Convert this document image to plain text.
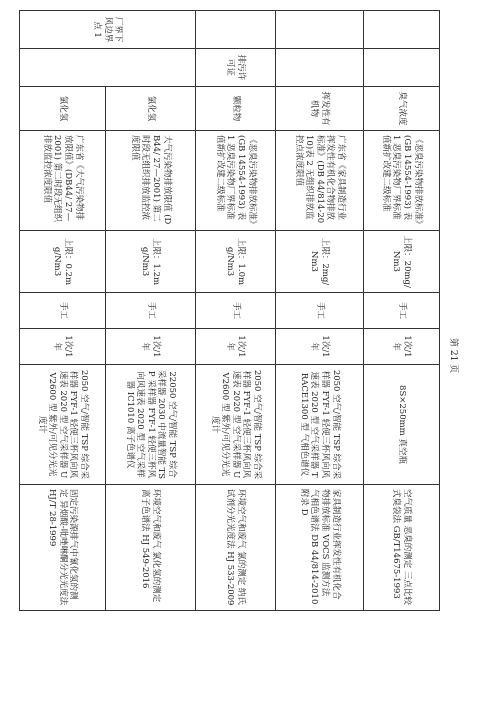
		臭气浓度	《恶臭污染物排放标准》(GB 14554-1993) 表 1 恶臭污染物厂界标准值新扩改建二级标准	上限：20mg/Nm3	手工	1次/1年	8S×250mm 真空瓶	空气质量 恶臭的测定 三点比较式臭袋法 GB/T14675-1993
		挥发性有机物	广东省《家具制造行业挥发性有机化合物排放标准》(DB 44/814-2010)表 2 无组织排放监控点浓度限值	上限：2mg/Nm3	手工	1次/1年	2050 空气/智能 TSP 综合采样器 FYF-1 轻便三杯风向风速表 2020 型 空气采样器 TRACE1300 型 气相色谱仪	家具制造行业挥发性有机化合物排放标准 VOCS 监测方法 气相色谱法 DB 44/814-2010 附录 D
	排污许可证	颗粒物	《恶臭污染物排放标准》(GB 14554-1993) 表 1 恶臭污染物厂界标准值新扩改建二级标准	上限：1.0mg/Nm3	手工	1次/1年	2050 空气/智能 TSP 综合采样器 FYF-1 轻便三杯风向风速表 2020 型 空气采样器 UV2600 型 紫外/可见分光光度计	环境空气和废气 氯的测定 纳氏试剂分光光度法 HJ 533-2009
厂界下风边界点 1		氯化氢	大气污染物排放限值 (DB44/ 27—2001) 第二时段无组织排放监控浓度限值	上限：1.2mg/Nm3	手工	1次/1年	22050 空气/智能 TSP 综合采样器 2030 中流量智能 TSP 采样器 FYF-1 轻便三杯风向风速表 2020 型 空气采样器 IC1010 离子色谱仪	环境空气和废气 氯化氢的测定 离子色谱法 HJ 549-2016
		氯化氢	广东省《大气污染物排放限值》(DB44/ 27—2001) 第二时段无组织排放监控浓度限值	上限：0.2mg/Nm3	手工	1次/1年	2050 空气/智能 TSP 综合采样器 FYF-1 轻便三杯风向风速表 2020 型 空气采样器 UV2600 型 紫外/可见分光光度计	固定污染源排气中氰化氢的测定 异烟酸-吡唑啉酮分光光度法 HJ/T 28-1999
第 21 页
